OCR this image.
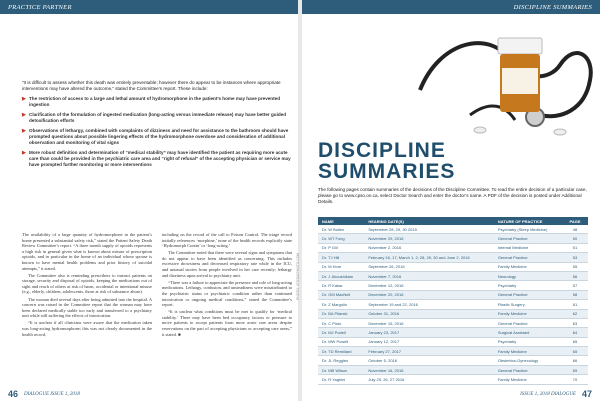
PRACTICE PARTNER	DISCIPLINE SUMMARIES

“It is difficult to assess whether this death was entirely preventable; however there do appear to be instances where appropriate interventions may have altered the outcome,” stated the Committee’s report. These include:

▶ The restriction of access to a large and lethal amount of hydromorphone in the patient’s home may have prevented ingestion
▶ Clarification of the formulation of ingested medication (long-acting versus immediate release) may have better guided detoxification efforts
▶ Observations of lethargy, combined with complaints of dizziness and need for assistance to the bathroom should have prompted questions about possible lingering effects of the hydromorphone overdose and consideration of additional observation and monitoring of vital signs
▶ More robust definition and determination of “medical stability” may have identified the patient as requiring more acute care than could be provided in the psychiatric care area and “right of refusal” of the accepting physician or service may have prompted further monitoring or more interventions

The availability of a large quantity of hydromorphone in the patient’s home presented a substantial safety risk,” stated the Patient Safety Death Review Committee’s report. “A three month supply of opioids represents a high risk in general given what is known about misuse of prescription opioids, and in particular in the home of an individual whose spouse is known to have mental health problems and prior history of suicidal attempts,” it stated.

The Committee also is reminding prescribers to instruct patients on storage, security and disposal of opioids, keeping the medications out of sight and reach of others at risk of harm, accidental or intentional misuse (e.g., elderly, children, adolescents, those at risk of substance abuse).

The woman died several days after being admitted into the hospital. A concern was raised in the Committee report that the woman may have been declared medically stable too early and transferred to a psychiatry unit while still suffering the effects of intoxication.

“It is unclear if all clinicians were aware that the medication taken was long-acting hydromorphone; this was not clearly documented in the health record,

including on the record of the call to Poison Control. The triage record initially references ‘morphine,’ none of the health records explicitly state ‘Hydromorph Contin’ or ‘long-acting.’

The Committee noted that there were several signs and symptoms that do not appear to have been identified as concerning. This includes excessive drowsiness and decreased respiratory rate while in the ICU, and unusual stories from people involved in her care recently; lethargy and dizziness upon arrival to psychiatry unit.

“There was a failure to appreciate the presence and role of long-acting medications. Lethargy, confusion, and unsteadiness were misattributed to the psychiatric status or psychiatric condition rather than continued intoxication or ongoing medical conditions,” stated the Committee’s report.

“It is unclear what conditions must be met to qualify for ‘medical stability.’ There may have been bed occupancy factors or pressure to move patients to accept patients from more acute care areas despite reservations on the part of accepting physicians or accepting care areas,” it stated. ■

PHOTO: ISTOCKPHOTO.COM
DISCIPLINE
SUMMARIES
The following pages contain summaries of the decisions of the Discipline Committee. To read the entire decision of a particular case, please go to www.cpso.on.ca, select Doctor Search and enter the doctor’s name. A PDF of the decision is posted under Additional Details.
NAME	HEARING DATE(S)	NATURE OF PRACTICE	PAGE
Dr. W Bullen	September 28, 29, 30 2015	Psychiatry (Sleep Medicine)	48
Dr. WT Fong	November 29, 2016	General Practice	50
Dr. P Gill	November 2, 2016	Internal Medicine	51
Dr. TJ Hill	February 16, 17; March 1, 2; 28, 29, 30 and June 2, 2016	General Practice	53
Dr. M Hom	September 26, 2016	Family Medicine	55
Dr. J Jikoushikian	November 7, 2016	Neurology	56
Dr. R Kakar	December 12, 2016	Psychiatry	57
Dr. GM MacNeil	December 20, 2016	General Practice	58
Dr. Z Margolin	September 19 and 22, 2016	Plastic Surgery	61
Dr. BA Pilarski	October 31, 2016	Family Medicine	62
Dr. C Pinto	December 15, 2016	General Practice	63
Dr. MJ Podell	January 23, 2017	Surgical Assistant	64
Dr. MW Powell	January 12, 2017	Psychiatry	65
Dr. TD Remillard	February 27, 2017	Family Medicine	65
Dr. JL Reggles	October 5, 2016	Obstetrics-Gynecology	66
Dr. MB Wilson	November 16, 2016	General Practice	69
Dr. R Yaghini	July 25, 26, 27 2016	Family Medicine	70
46 DIALOGUE ISSUE 1, 2018	ISSUE 1, 2018 DIALOGUE 47
